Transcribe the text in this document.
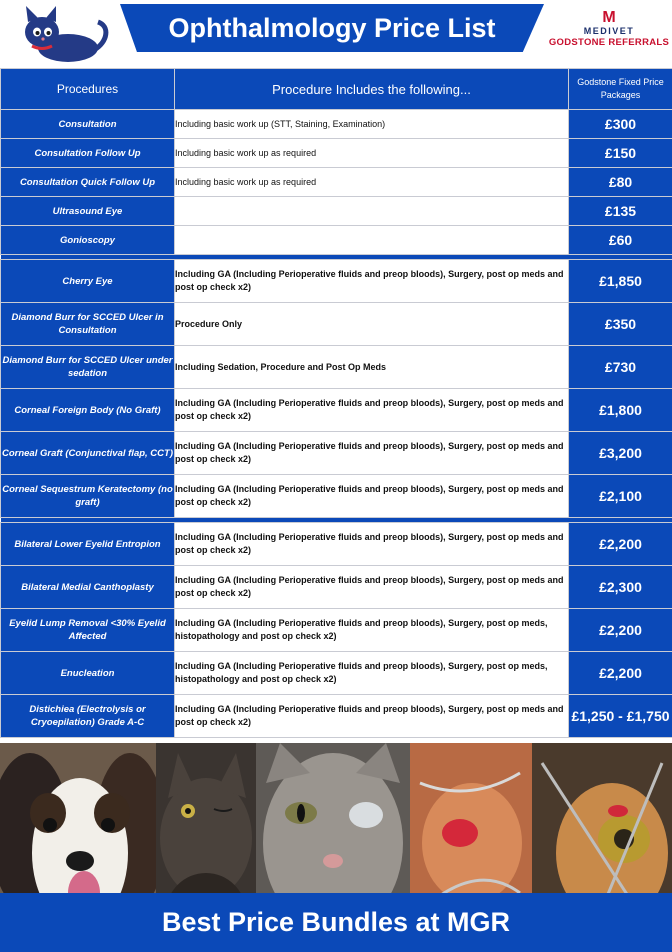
Ophthalmology Price List	M
MEDIVET
GODSTONE REFERRALS
Procedures	Procedure Includes the following...	Godstone Fixed Price Packages
Consultation	Including basic work up (STT, Staining, Examination)	£300
Consultation Follow Up	Including basic work up as required	£150
Consultation Quick Follow Up	Including basic work up as required	£80
Ultrasound Eye		£135
Gonioscopy		£60

Cherry Eye	Including GA (Including Perioperative fluids and preop bloods), Surgery, post op meds and post op check x2)	£1,850
Diamond Burr for SCCED Ulcer in Consultation	Procedure Only	£350
Diamond Burr for SCCED Ulcer under sedation	Including Sedation, Procedure and Post Op Meds	£730
Corneal Foreign Body (No Graft)	Including GA (Including Perioperative fluids and preop bloods), Surgery, post op meds and post op check x2)	£1,800
Corneal Graft (Conjunctival flap, CCT)	Including GA (Including Perioperative fluids and preop bloods), Surgery, post op meds and post op check x2)	£3,200
Corneal Sequestrum Keratectomy (no graft)	Including GA (Including Perioperative fluids and preop bloods), Surgery, post op meds and post op check x2)	£2,100

Bilateral Lower Eyelid Entropion	Including GA (Including Perioperative fluids and preop bloods), Surgery, post op meds and post op check x2)	£2,200
Bilateral Medial Canthoplasty	Including GA (Including Perioperative fluids and preop bloods), Surgery, post op meds and post op check x2)	£2,300
Eyelid Lump Removal <30% Eyelid Affected	Including GA (Including Perioperative fluids and preop bloods), Surgery, post op meds, histopathology and post op check x2)	£2,200
Enucleation	Including GA (Including Perioperative fluids and preop bloods), Surgery, post op meds, histopathology and post op check x2)	£2,200
Distichiea (Electrolysis or Cryoepilation) Grade A-C	Including GA (Including Perioperative fluids and preop bloods), Surgery, post op meds and post op check x2)	£1,250 - £1,750
Best Price Bundles at MGR
